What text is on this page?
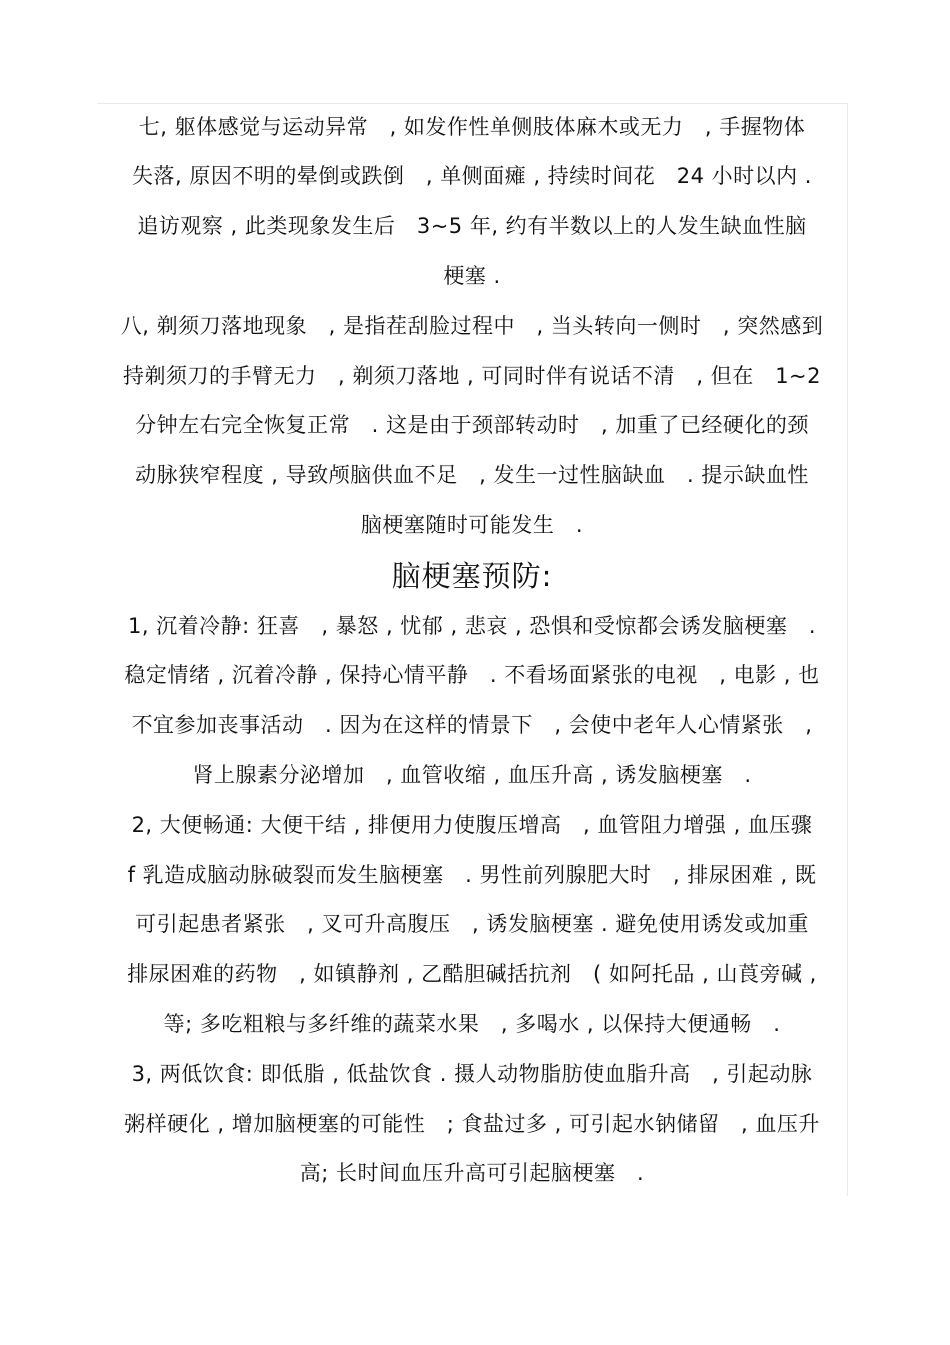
七, 躯体感觉与运动异常　, 如发作性单侧肢体麻木或无力　, 手握物体
失落, 原因不明的晕倒或跌倒　, 单侧面瘫 , 持续时间花　24 小时以内 .
追访观察 , 此类现象发生后　3~5 年, 约有半数以上的人发生缺血性脑
梗塞 .
八, 剃须刀落地现象　, 是指茬刮脸过程中　, 当头转向一侧时　, 突然感到
持剃须刀的手臂无力　, 剃须刀落地 , 可同时伴有说话不清　, 但在　1~2
分钟左右完全恢复正常　. 这是由于颈部转动时　, 加重了已经硬化的颈
动脉狭窄程度 , 导致颅脑供血不足　, 发生一过性脑缺血　. 提示缺血性
脑梗塞随时可能发生　.
脑梗塞预防:
1, 沉着冷静: 狂喜　, 暴怒 , 忧郁 , 悲哀 , 恐惧和受惊都会诱发脑梗塞　.
稳定情绪 , 沉着冷静 , 保持心情平静　. 不看场面紧张的电视　, 电影 , 也
不宜参加丧事活动　. 因为在这样的情景下　, 会使中老年人心情紧张　,
肾上腺素分泌增加　, 血管收缩 , 血压升高 , 诱发脑梗塞　.
2, 大便畅通: 大便干结 , 排便用力使腹压增高　, 血管阻力增强 , 血压骤
f 乳造成脑动脉破裂而发生脑梗塞　. 男性前列腺肥大时　, 排尿困难 , 既
可引起患者紧张　, 叉可升高腹压　, 诱发脑梗塞 . 避免使用诱发或加重
排尿困难的药物　, 如镇静剂 , 乙酷胆碱括抗剂　( 如阿托品 , 山莨旁碱 ,
等; 多吃粗粮与多纤维的蔬菜水果　, 多喝水 , 以保持大便通畅　.
3, 两低饮食: 即低脂 , 低盐饮食 . 摄人动物脂肪使血脂升高　, 引起动脉
粥样硬化 , 增加脑梗塞的可能性　; 食盐过多 , 可引起水钠储留　, 血压升
高; 长时间血压升高可引起脑梗塞　.
